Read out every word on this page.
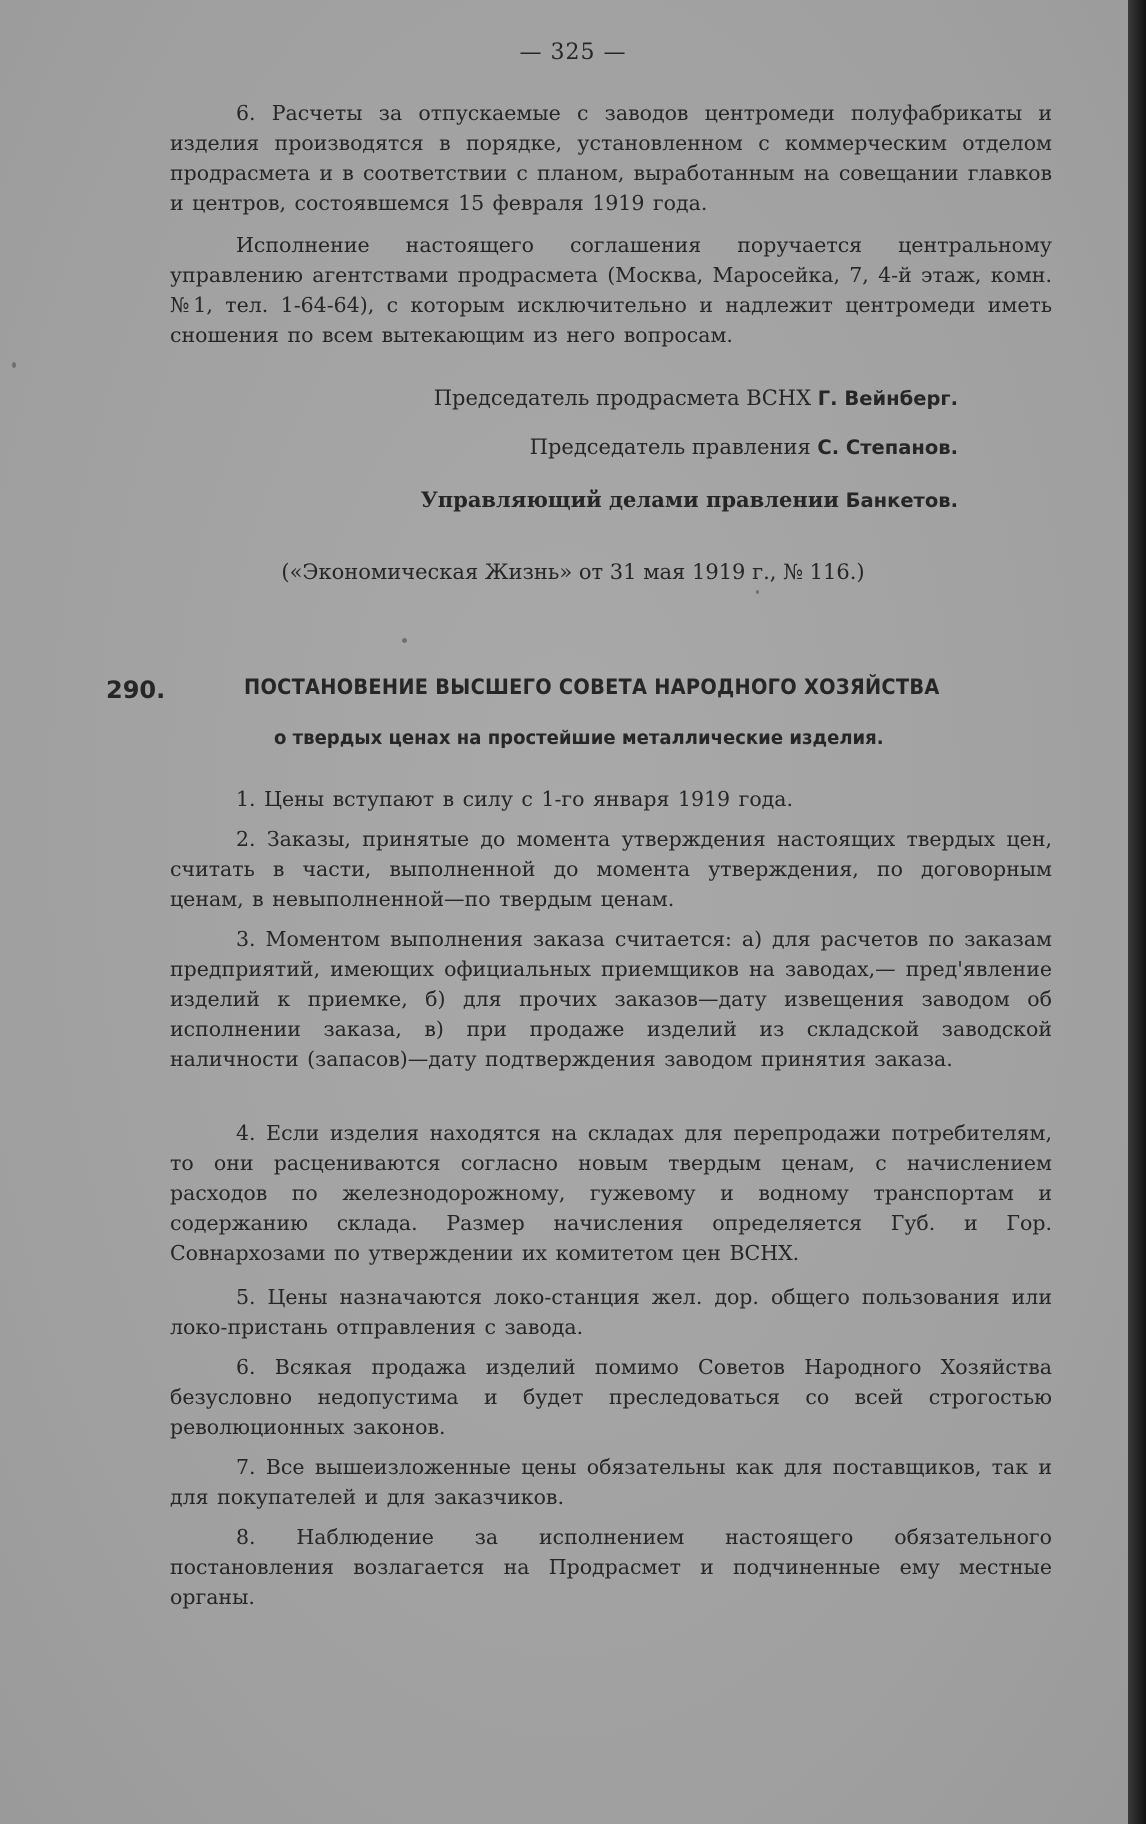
— 325 —

6. Расчеты за отпускаемые с заводов центромеди полуфабрикаты и изделия производятся в порядке, установленном с коммерческим отделом продрасмета и в соответствии с планом, выработанным на совещании главков и центров, состоявшемся 15 февраля 1919 года.

Исполнение настоящего соглашения поручается центральному управлению агентствами продрасмета (Москва, Маросейка, 7, 4-й этаж, комн. №1, тел. 1-64-64), с которым исключительно и надлежит центромеди иметь сношения по всем вытекающим из него вопросам.

Председатель продрасмета ВСНХ Г. Вейнберг.
Председатель правления С. Степанов.
Управляющий делами правлении Банкетов.
(«Экономическая Жизнь» от 31 мая 1919 г., № 116.)
290.	ПОСТАНОВЕНИЕ ВЫСШЕГО СОВЕТА НАРОДНОГО ХОЗЯЙСТВА
о твердых ценах на простейшие металлические изделия.

1. Цены вступают в силу с 1-го января 1919 года.

2. Заказы, принятые до момента утверждения настоящих твердых цен, считать в части, выполненной до момента утверждения, по договорным ценам, в невыполненной—по твердым ценам.

3. Моментом выполнения заказа считается: а) для расчетов по заказам предприятий, имеющих официальных приемщиков на заводах,— пред'явление изделий к приемке, б) для прочих заказов—дату извещения заводом об исполнении заказа, в) при продаже изделий из складской заводской наличности (запасов)—дату подтверждения заводом принятия заказа.

4. Если изделия находятся на складах для перепродажи потребителям, то они расцениваются согласно новым твердым ценам, с начислением расходов по железнодорожному, гужевому и водному транспортам и содержанию склада. Размер начисления определяется Губ. и Гор. Совнархозами по утверждении их комитетом цен ВСНХ.

5. Цены назначаются локо-станция жел. дор. общего пользования или локо-пристань отправления с завода.

6. Всякая продажа изделий помимо Советов Народного Хозяйства безусловно недопустима и будет преследоваться со всей строгостью революционных законов.

7. Все вышеизложенные цены обязательны как для поставщиков, так и для покупателей и для заказчиков.

8. Наблюдение за исполнением настоящего обязательного постановления возлагается на Продрасмет и подчиненные ему местные органы.
